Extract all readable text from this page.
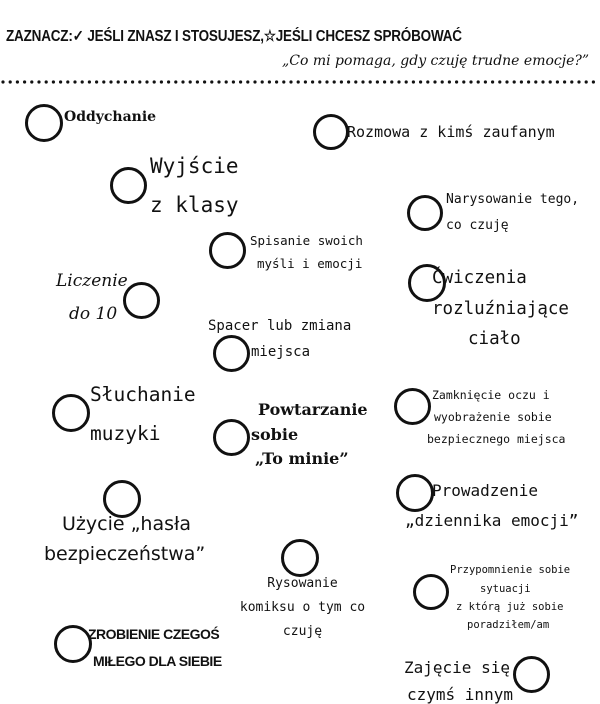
ZAZNACZ:✓ JEŚLI ZNASZ I STOSUJESZ,☆JEŚLI CHCESZ SPRÓBOWAĆ
„Co mi pomaga, gdy czuję trudne emocje?”
Oddychanie
Rozmowa z kimś zaufanym
Wyjście
z klasy	Narysowanie tego,
co czuję
Spisanie swoich
myśli i emocji
Liczenie
do 10
Ćwiczenia
rozluźniające
ciało
Spacer lub zmiana
miejsca
Słuchanie
muzyki
Powtarzanie
sobie
„To minie”
Zamknięcie oczu i
wyobrażenie sobie
bezpiecznego miejsca
Użycie „hasła
bezpieczeństwa”
Prowadzenie
„dziennika emocji”
Rysowanie
komiksu o tym co
czuję
Przypomnienie sobie
sytuacji
z którą już sobie
poradziłem/am
ZROBIENIE CZEGOŚ
MIŁEGO DLA SIEBIE	Zajęcie się
czymś innym
